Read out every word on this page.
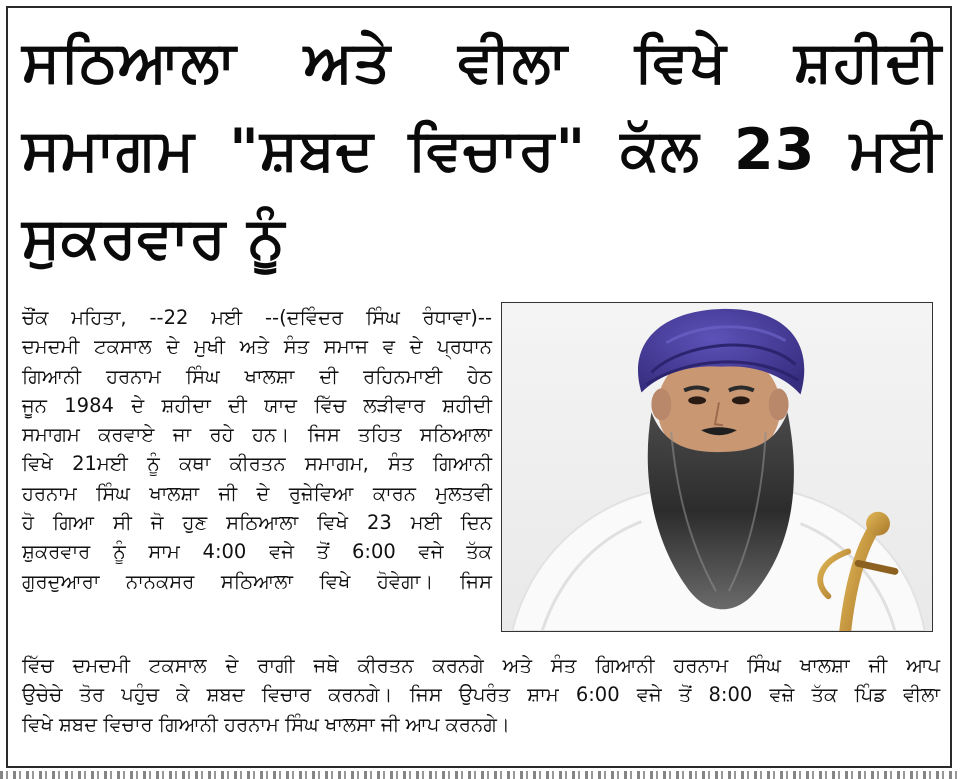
ਸਠਿਆਲਾ ਅਤੇ ਵੀਲਾ ਵਿਖੇ ਸ਼ਹੀਦੀ
ਸਮਾਗਮ "ਸ਼ਬਦ ਵਿਚਾਰ" ਕੱਲ 23 ਮਈ
ਸੁਕਰਵਾਰ ਨੂੰ
ਚੌਂਕ ਮਹਿਤਾ, --22 ਮਈ --(ਦਵਿੰਦਰ ਸਿੰਘ ਰੰਧਾਵਾ)--
ਦਮਦਮੀ ਟਕਸਾਲ ਦੇ ਮੁਖੀ ਅਤੇ ਸੰਤ ਸਮਾਜ ਵ ਦੇ ਪ੍ਰਧਾਨ
ਗਿਆਨੀ ਹਰਨਾਮ ਸਿੰਘ ਖਾਲਸ਼ਾ ਦੀ ਰਹਿਨਮਾਈ ਹੇਠ
ਜੂਨ 1984 ਦੇ ਸ਼ਹੀਦਾ ਦੀ ਯਾਦ ਵਿੱਚ ਲੜੀਵਾਰ ਸ਼ਹੀਦੀ
ਸਮਾਗਮ ਕਰਵਾਏ ਜਾ ਰਹੇ ਹਨ। ਜਿਸ ਤਹਿਤ ਸਠਿਆਲਾ
ਵਿਖੇ 21ਮਈ ਨੂੰ ਕਥਾ ਕੀਰਤਨ ਸਮਾਗਮ, ਸੰਤ ਗਿਆਨੀ
ਹਰਨਾਮ ਸਿੰਘ ਖਾਲਸ਼ਾ ਜੀ ਦੇ ਰੁਜ਼ੇਵਿਆ ਕਾਰਨ ਮੁਲਤਵੀ
ਹੋ ਗਿਆ ਸੀ ਜੋ ਹੁਣ ਸਠਿਆਲਾ ਵਿਖੇ 23 ਮਈ ਦਿਨ
ਸ਼ੁਕਰਵਾਰ ਨੂੰ ਸਾਮ 4:00 ਵਜੇ ਤੋਂ 6:00 ਵਜੇ ਤੱਕ
ਗੁਰਦੁਆਰਾ ਨਾਨਕਸਰ ਸਠਿਆਲਾ ਵਿਖੇ ਹੋਵੇਗਾ। ਜਿਸ
ਵਿੱਚ ਦਮਦਮੀ ਟਕਸਾਲ ਦੇ ਰਾਗੀ ਜਥੇ ਕੀਰਤਨ ਕਰਨਗੇ ਅਤੇ ਸੰਤ ਗਿਆਨੀ ਹਰਨਾਮ ਸਿੰਘ ਖਾਲਸ਼ਾ ਜੀ ਆਪ
ਉਚੇਚੇ ਤੋਰ ਪਹੁੰਚ ਕੇ ਸ਼ਬਦ ਵਿਚਾਰ ਕਰਨਗੇ। ਜਿਸ ਉਪਰੰਤ ਸ਼ਾਮ 6:00 ਵਜੇ ਤੋਂ 8:00 ਵਜ਼ੇ ਤੱਕ ਪਿੰਡ ਵੀਲਾ
ਵਿਖੇ ਸ਼ਬਦ ਵਿਚਾਰ ਗਿਆਨੀ ਹਰਨਾਮ ਸਿੰਘ ਖਾਲਸਾ ਜੀ ਆਪ ਕਰਨਗੇ।
